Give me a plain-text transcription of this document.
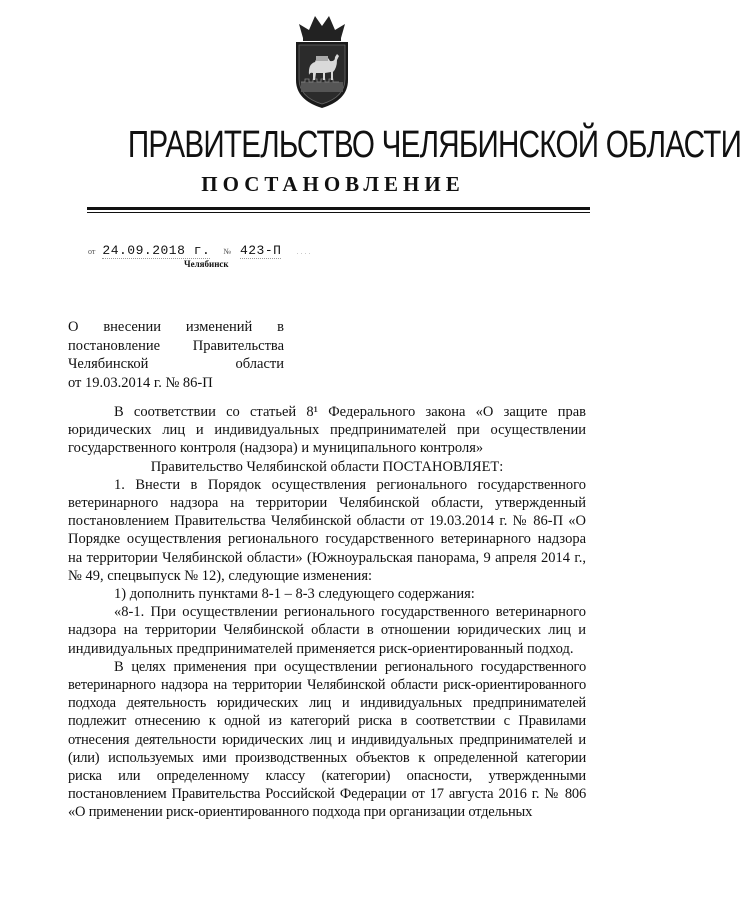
ПРАВИТЕЛЬСТВО ЧЕЛЯБИНСКОЙ ОБЛАСТИ
ПОСТАНОВЛЕНИЕ
от 24.09.2018 г. № 423-П ....
Челябинск
О внесении изменений в
постановление Правительства
Челябинской области
от 19.03.2014 г. № 86-П

В соответствии со статьей 8¹ Федерального закона «О защите прав юридических лиц и индивидуальных предпринимателей при осуществлении государственного контроля (надзора) и муниципального контроля»

Правительство Челябинской области ПОСТАНОВЛЯЕТ:

1. Внести в Порядок осуществления регионального государственного ветеринарного надзора на территории Челябинской области, утвержденный постановлением Правительства Челябинской области от 19.03.2014 г. № 86-П «О Порядке осуществления регионального государственного ветеринарного надзора на территории Челябинской области» (Южноуральская панорама, 9 апреля 2014 г., № 49, спецвыпуск № 12), следующие изменения:

1) дополнить пунктами 8-1 – 8-3 следующего содержания:

«8-1. При осуществлении регионального государственного ветеринарного надзора на территории Челябинской области в отношении юридических лиц и индивидуальных предпринимателей применяется риск-ориентированный подход.

В целях применения при осуществлении регионального государственного ветеринарного надзора на территории Челябинской области риск-ориентированного подхода деятельность юридических лиц и индивидуальных предпринимателей подлежит отнесению к одной из категорий риска в соответствии с Правилами отнесения деятельности юридических лиц и индивидуальных предпринимателей и (или) используемых ими производственных объектов к определенной категории риска или определенному классу (категории) опасности, утвержденными постановлением Правительства Российской Федерации от 17 августа 2016 г. № 806 «О применении риск-ориентированного подхода при организации отдельных
